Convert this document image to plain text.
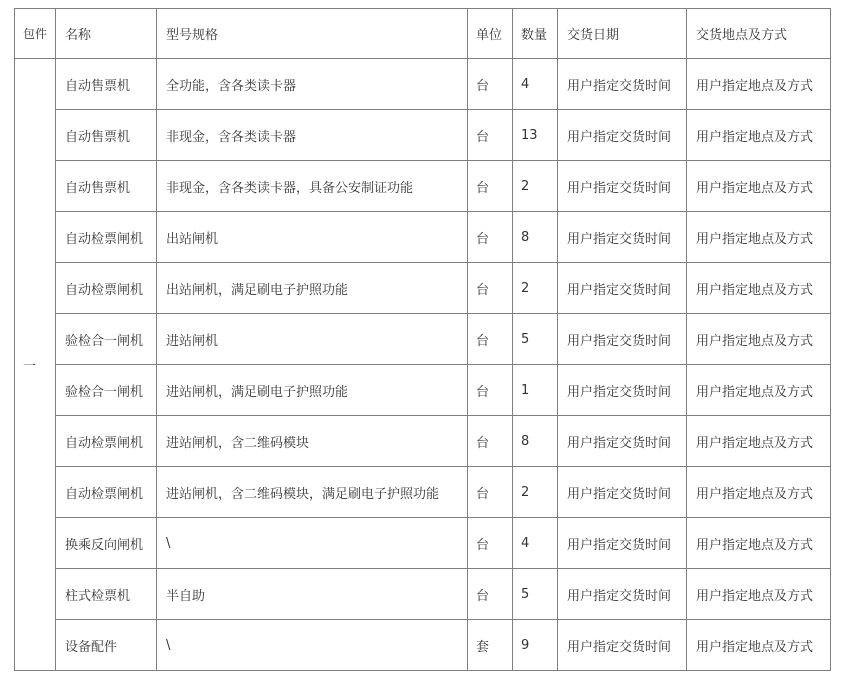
包件	名称	型号规格	单位	数量	交货日期	交货地点及方式
一	自动售票机	全功能，含各类读卡器	台	4	用户指定交货时间	用户指定地点及方式
	自动售票机	非现金，含各类读卡器	台	13	用户指定交货时间	用户指定地点及方式
	自动售票机	非现金，含各类读卡器，具备公安制证功能	台	2	用户指定交货时间	用户指定地点及方式
	自动检票闸机	出站闸机	台	8	用户指定交货时间	用户指定地点及方式
	自动检票闸机	出站闸机，满足刷电子护照功能	台	2	用户指定交货时间	用户指定地点及方式
	验检合一闸机	进站闸机	台	5	用户指定交货时间	用户指定地点及方式
	验检合一闸机	进站闸机，满足刷电子护照功能	台	1	用户指定交货时间	用户指定地点及方式
	自动检票闸机	进站闸机，含二维码模块	台	8	用户指定交货时间	用户指定地点及方式
	自动检票闸机	进站闸机，含二维码模块，满足刷电子护照功能	台	2	用户指定交货时间	用户指定地点及方式
	换乘反向闸机	\	台	4	用户指定交货时间	用户指定地点及方式
	柱式检票机	半自助	台	5	用户指定交货时间	用户指定地点及方式
	设备配件	\	套	9	用户指定交货时间	用户指定地点及方式
